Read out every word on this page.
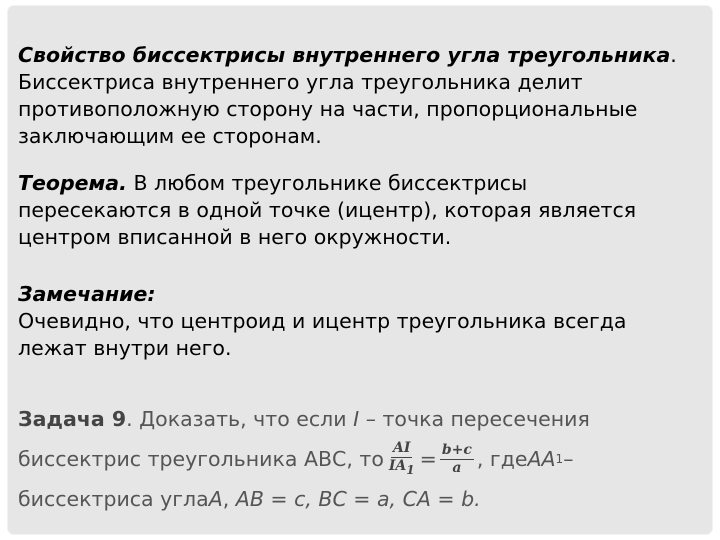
Свойство биссектрисы внутреннего угла треугольника.
Биссектриса внутреннего угла треугольника делит
противоположную сторону на части, пропорциональные
заключающим ее сторонам.
Теорема. В любом треугольнике биссектрисы
пересекаются в одной точке (ицентр), которая является
центром вписанной в него окружности.
Замечание:
Очевидно, что центроид и ицентр треугольника всегда
лежат внутри него.
Задача 9 . Доказать, что если
I
– точка пересечения
биссектрис треугольника АВС, то $\frac{AI}{IA_1} = \frac{b+c}{a}$ , где AA 1 –
биссектриса угла A ,
AB = c, BC = a, CA = b.
